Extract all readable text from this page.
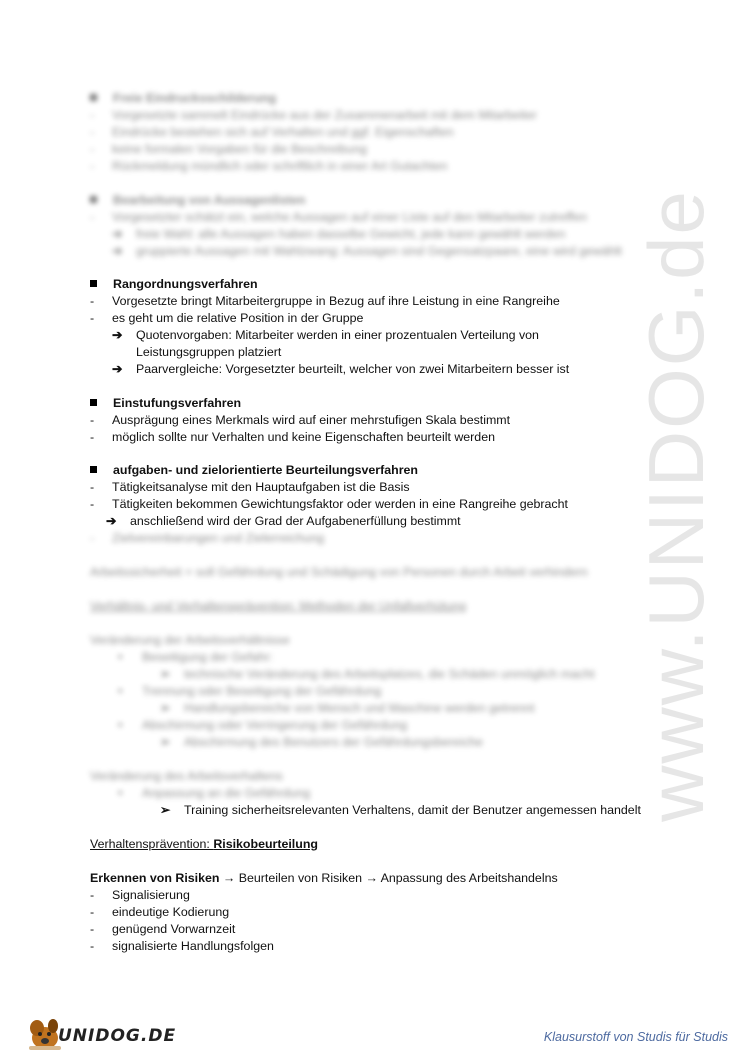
www.UNIDOG.de
Freie Eindrucksschilderung
- Vorgesetzte sammelt Eindrücke aus der Zusammenarbeit mit dem Mitarbeiter
- Eindrücke bestehen sich auf Verhalten und ggf. Eigenschaften
- keine formalen Vorgaben für die Beschreibung
- Rückmeldung mündlich oder schriftlich in einer Art Gutachten
Bearbeitung von Aussagenlisten
- Vorgesetzter schätzt ein, welche Aussagen auf einer Liste auf den Mitarbeiter zutreffen
➔ freie Wahl: alle Aussagen haben dasselbe Gewicht, jede kann gewählt werden
➔ gruppierte Aussagen mit Wahlzwang: Aussagen sind Gegensatzpaare, eine wird gewählt
Rangordnungsverfahren
- Vorgesetzte bringt Mitarbeitergruppe in Bezug auf ihre Leistung in eine Rangreihe
- es geht um die relative Position in der Gruppe
➔ Quotenvorgaben: Mitarbeiter werden in einer prozentualen Verteilung von
Leistungsgruppen platziert
➔ Paarvergleiche: Vorgesetzter beurteilt, welcher von zwei Mitarbeitern besser ist
Einstufungsverfahren
- Ausprägung eines Merkmals wird auf einer mehrstufigen Skala bestimmt
- möglich sollte nur Verhalten und keine Eigenschaften beurteilt werden
aufgaben- und zielorientierte Beurteilungsverfahren
- Tätigkeitsanalyse mit den Hauptaufgaben ist die Basis
- Tätigkeiten bekommen Gewichtungsfaktor oder werden in eine Rangreihe gebracht
➔ anschließend wird der Grad der Aufgabenerfüllung bestimmt
- Zielvereinbarungen und Zielerreichung
Arbeitssicherheit = soll Gefährdung und Schädigung von Personen durch Arbeit verhindern
Verhältnis- und Verhaltensprävention: Methoden der Unfallverhütung
Veränderung der Arbeitsverhältnisse
• Beseitigung der Gefahr:
➢ technische Veränderung des Arbeitsplatzes, die Schäden unmöglich macht
• Trennung oder Beseitigung der Gefährdung
➢ Handlungsbereiche von Mensch und Maschine werden getrennt
• Abschirmung oder Verringerung der Gefährdung
➢ Abschirmung des Benutzers der Gefährdungsbereiche
Veränderung des Arbeitsverhaltens
• Anpassung an die Gefährdung
➢ Training sicherheitsrelevanten Verhaltens, damit der Benutzer angemessen handelt
Verhaltensprävention: Risikobeurteilung
Erkennen von Risiken → Beurteilen von Risiken → Anpassung des Arbeitshandelns
- Signalisierung
- eindeutige Kodierung
- genügend Vorwarnzeit
- signalisierte Handlungsfolgen
UNIDOG.DE	Klausurstoff von Studis für Studis
